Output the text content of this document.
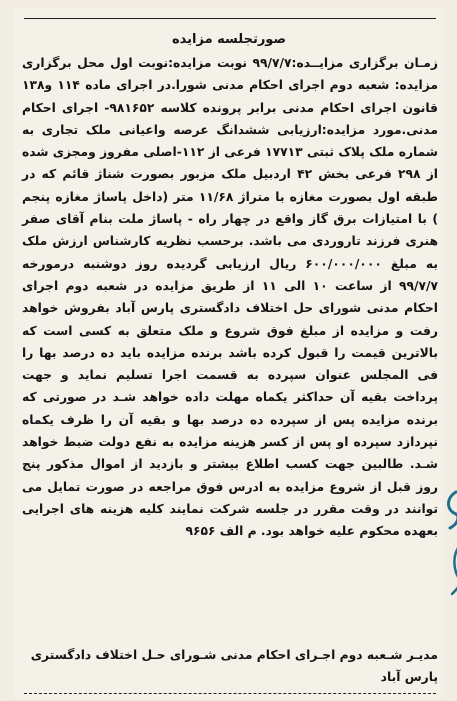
صورتجلسه مزایده

زمـان برگزاری مزایــده:۹۹/۷/۷ نوبت مزایده:نوبت اول محل برگزاری مزایده: شعبه دوم اجرای احکام مدنی شورا.در اجرای ماده ۱۱۴ و۱۳۸ قانون اجرای احکام مدنی برابر پرونده کلاسه ۹۸۱۶۵۲- اجرای احکام مدنی.مورد مزایده:ارزیابی ششدانگ عرصه واعیانی ملک تجاری به شماره ملک پلاک ثبتی ۱۷۷۱۳ فرعی از ۱۱۲-اصلی مفروز ومجزی شده از ۲۹۸ فرعی بخش ۴۲ اردبیل ملک مزبور بصورت شناژ قائم که در طبقه اول بصورت مغازه با متراژ ۱۱/۶۸ متر (داخل پاساژ مغازه پنجم ) با امتیازات برق گاز واقع در چهار راه - پاساژ ملت بنام آقای صفر هنری فرزند تاروردی می باشد. برحسب نظریه کارشناس ارزش ملک به مبلغ ۶۰۰/۰۰۰/۰۰۰ ریال ارزیابی گردیده روز دوشنبه درمورخه ۹۹/۷/۷ از ساعت ۱۰ الی ۱۱ از طریق مزایده در شعبه دوم اجرای احکام مدنی شورای حل اختلاف دادگستری پارس آباد بفروش خواهد رفت و مزایده از مبلغ فوق شروع و ملک متعلق به کسی است که بالاترین قیمت را قبول کرده باشد برنده مزایده باید ده درصد بها را فی المجلس عنوان سپرده به قسمت اجرا تسلیم نماید و جهت پرداخت بقیه آن حداکثر یکماه مهلت داده خواهد شـد در صورتی که برنده مزایده پس از سپرده ده درصد بها و بقیه آن را ظرف یکماه نپردازد سپرده او پس از کسر هزینه مزایده به نفع دولت ضبط خواهد شـد. طالبین جهت کسب اطلاع بیشتر و بازدید از اموال مذکور پنج روز قبل از شروع مزایده به ادرس فوق مراجعه در صورت تمایل می توانند در وقت مقرر در جلسه شرکت نمایند کلیه هزینه های اجرایی بعهده محکوم علیه خواهد بود. م الف ۹۶۵۶

مدیـر شـعبه دوم اجـرای احکام مدنی شـورای حـل اختلاف دادگستری پارس آباد
